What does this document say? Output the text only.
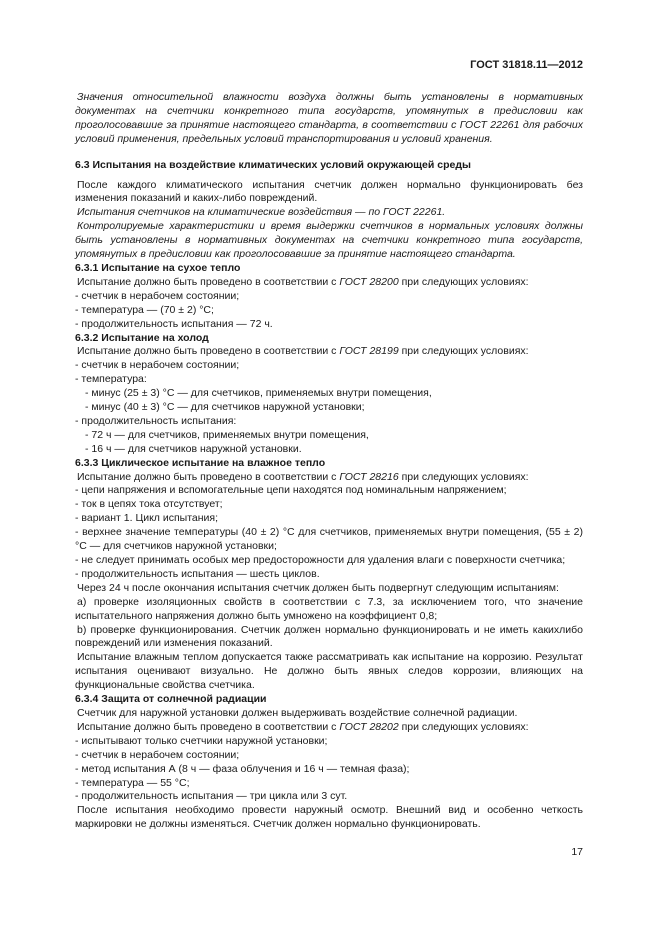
ГОСТ 31818.11—2012

Значения относительной влажности воздуха должны быть установлены в нормативных документах на счетчики конкретного типа государств, упомянутых в предисловии как проголосовавшие за принятие настоящего стандарта, в соответствии с ГОСТ 22261 для рабочих условий применения, предельных условий транспортирования и условий хранения.

6.3 Испытания на воздействие климатических условий окружающей среды

После каждого климатического испытания счетчик должен нормально функционировать без изменения показаний и каких-либо повреждений.

Испытания счетчиков на климатические воздействия — по ГОСТ 22261.

Контролируемые характеристики и время выдержки счетчиков в нормальных условиях должны быть установлены в нормативных документах на счетчики конкретного типа государств, упомянутых в предисловии как проголосовавшие за принятие настоящего стандарта.

6.3.1 Испытание на сухое тепло

Испытание должно быть проведено в соответствии с ГОСТ 28200 при следующих условиях:

- счетчик в нерабочем состоянии;

- температура — (70 ± 2) °С;

- продолжительность испытания — 72 ч.

6.3.2 Испытание на холод

Испытание должно быть проведено в соответствии с ГОСТ 28199 при следующих условиях:

- счетчик в нерабочем состоянии;

- температура:

- минус (25 ± 3) °С — для счетчиков, применяемых внутри помещения,

- минус (40 ± 3) °С — для счетчиков наружной установки;

- продолжительность испытания:

- 72 ч — для счетчиков, применяемых внутри помещения,

- 16 ч — для счетчиков наружной установки.

6.3.3 Циклическое испытание на влажное тепло

Испытание должно быть проведено в соответствии с ГОСТ 28216 при следующих условиях:

- цепи напряжения и вспомогательные цепи находятся под номинальным напряжением;

- ток в цепях тока отсутствует;

- вариант 1. Цикл испытания;

- верхнее значение температуры (40 ± 2) °С для счетчиков, применяемых внутри помещения, (55 ± 2) °С — для счетчиков наружной установки;

- не следует принимать особых мер предосторожности для удаления влаги с поверхности счетчика;

- продолжительность испытания — шесть циклов.

Через 24 ч после окончания испытания счетчик должен быть подвергнут следующим испытаниям:

а) проверке изоляционных свойств в соответствии с 7.3, за исключением того, что значение испытательного напряжения должно быть умножено на коэффициент 0,8;

b) проверке функционирования. Счетчик должен нормально функционировать и не иметь какихлибо повреждений или изменения показаний.

Испытание влажным теплом допускается также рассматривать как испытание на коррозию. Результат испытания оценивают визуально. Не должно быть явных следов коррозии, влияющих на функциональные свойства счетчика.

6.3.4 Защита от солнечной радиации

Счетчик для наружной установки должен выдерживать воздействие солнечной радиации.

Испытание должно быть проведено в соответствии с ГОСТ 28202 при следующих условиях:

- испытывают только счетчики наружной установки;

- счетчик в нерабочем состоянии;

- метод испытания А (8 ч — фаза облучения и 16 ч — темная фаза);

- температура — 55 °С;

- продолжительность испытания — три цикла или 3 сут.

После испытания необходимо провести наружный осмотр. Внешний вид и особенно четкость маркировки не должны изменяться. Счетчик должен нормально функционировать.

17
